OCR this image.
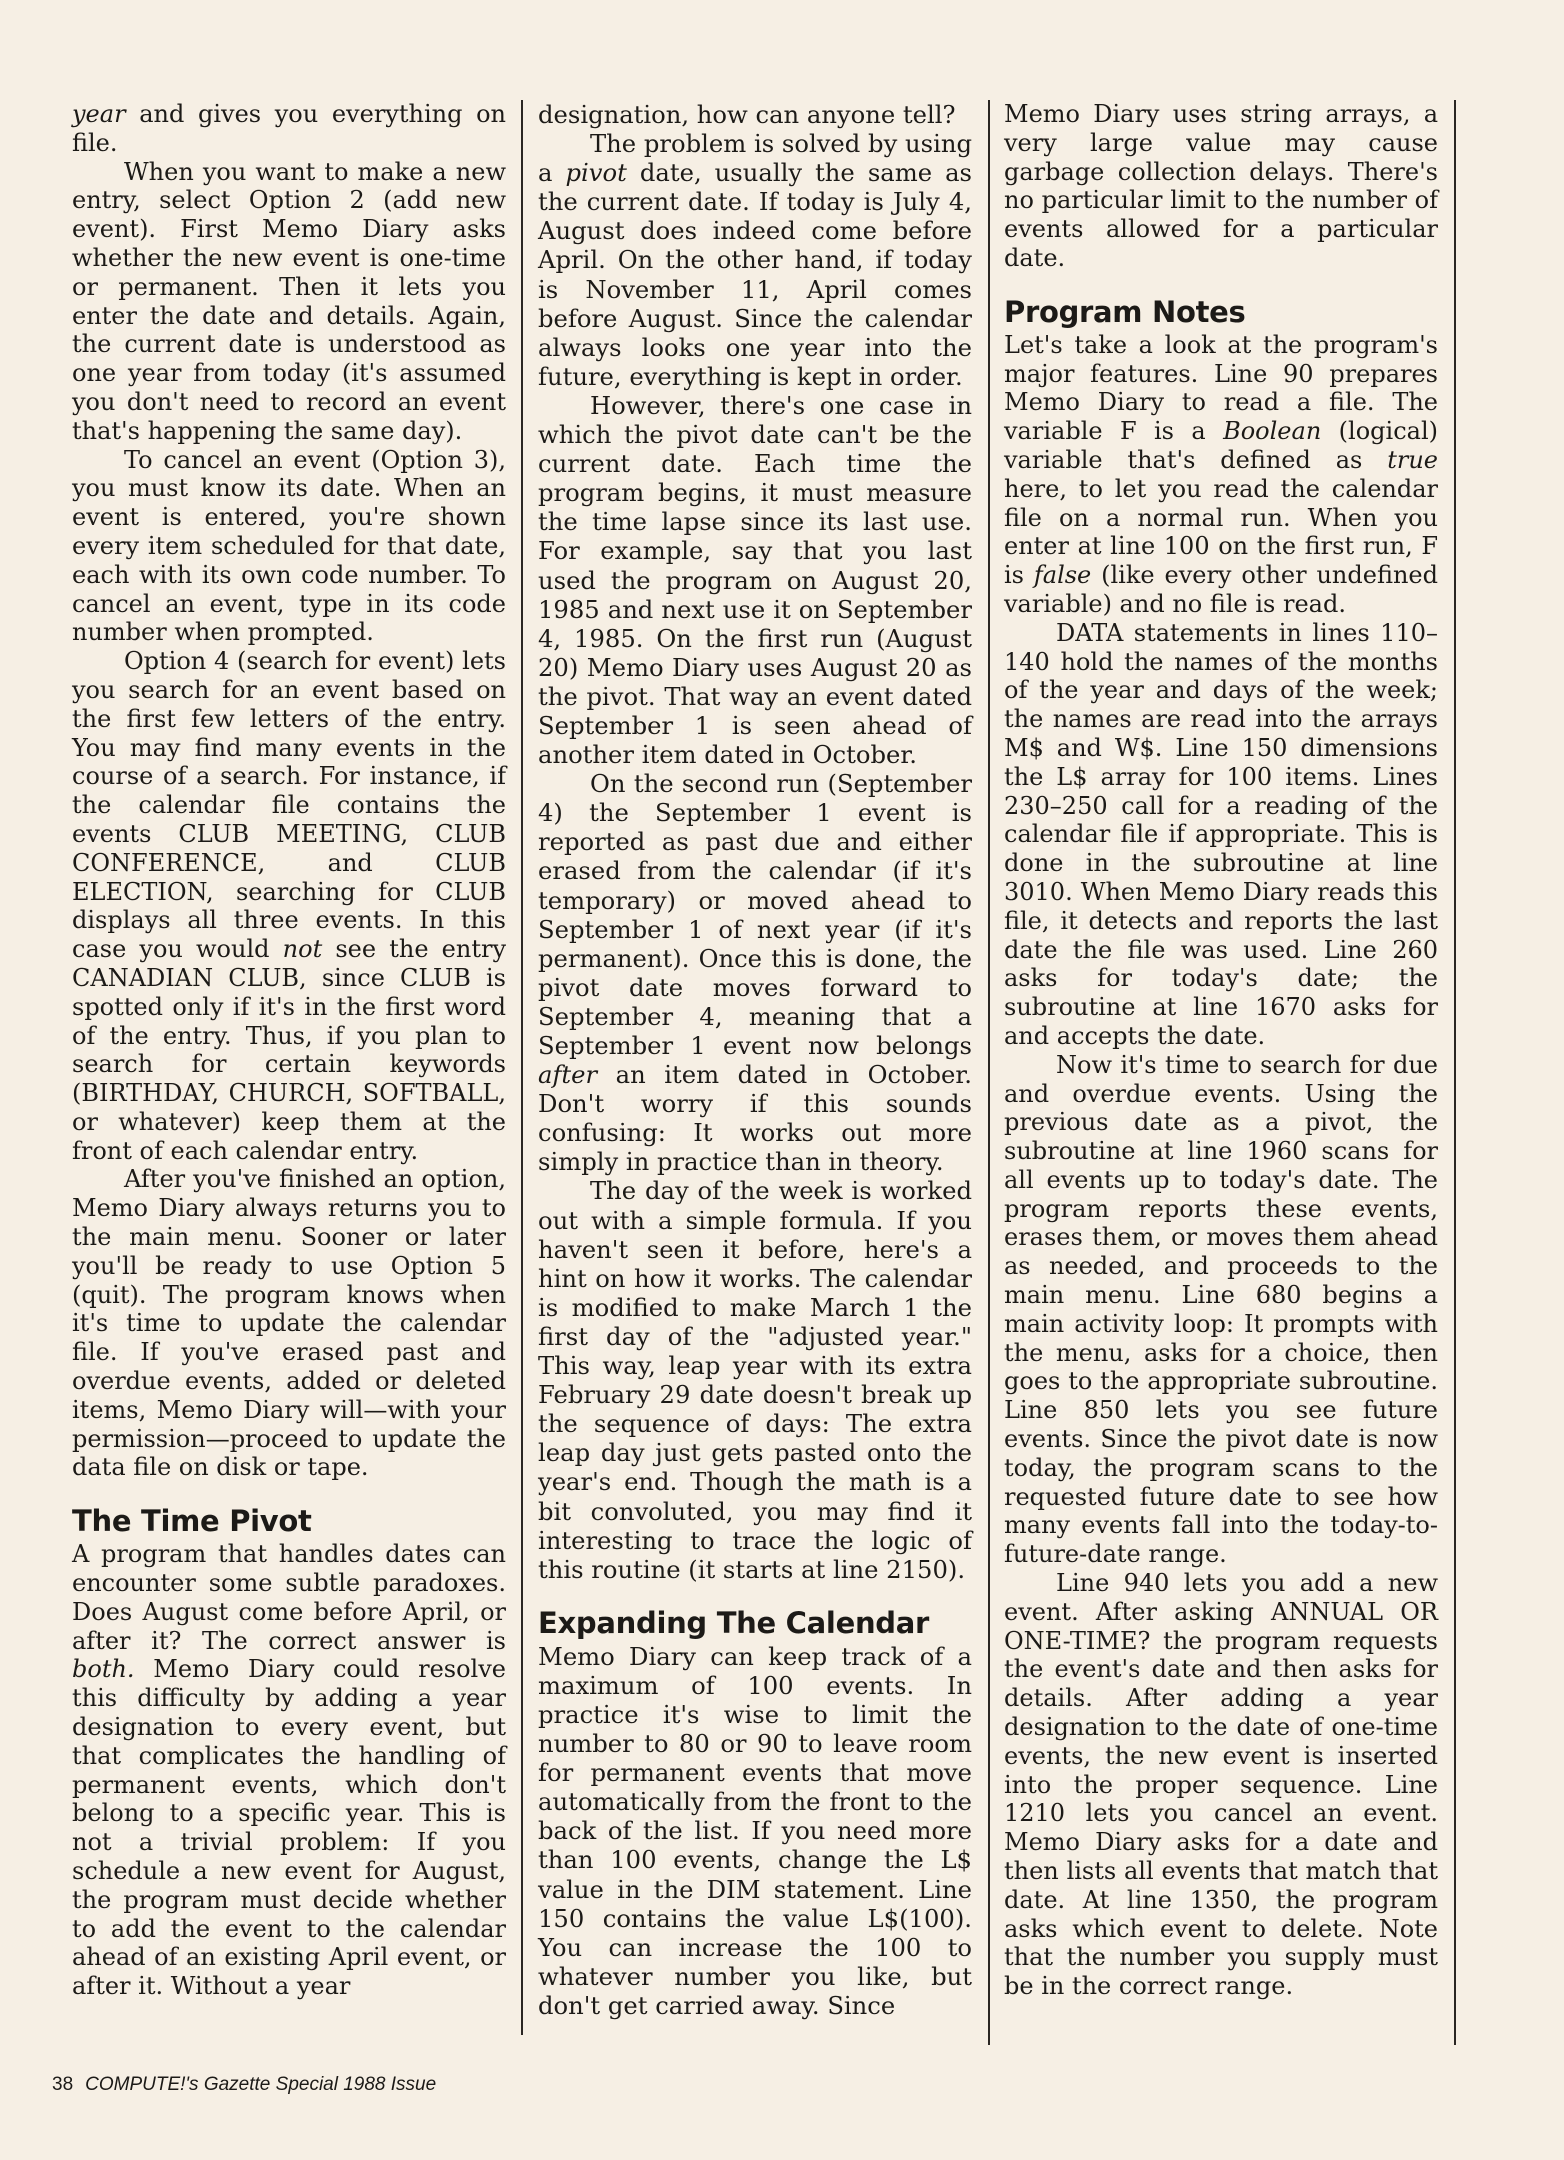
year and gives you everything on file.

When you want to make a new entry, select Option 2 (add new event). First Memo Diary asks whether the new event is one-time or permanent. Then it lets you enter the date and details. Again, the current date is understood as one year from today (it's assumed you don't need to record an event that's happening the same day).

To cancel an event (Option 3), you must know its date. When an event is entered, you're shown every item scheduled for that date, each with its own code number. To cancel an event, type in its code number when prompted.

Option 4 (search for event) lets you search for an event based on the first few letters of the entry. You may find many events in the course of a search. For instance, if the calendar file contains the events CLUB MEETING, CLUB CONFERENCE, and CLUB ELECTION, searching for CLUB displays all three events. In this case you would not see the entry CANADIAN CLUB, since CLUB is spotted only if it's in the first word of the entry. Thus, if you plan to search for certain keywords (BIRTHDAY, CHURCH, SOFTBALL, or whatever) keep them at the front of each calendar entry.

After you've finished an option, Memo Diary always returns you to the main menu. Sooner or later you'll be ready to use Option 5 (quit). The program knows when it's time to update the calendar file. If you've erased past and overdue events, added or deleted items, Memo Diary will—with your permission—proceed to update the data file on disk or tape.

The Time Pivot

A program that handles dates can encounter some subtle paradoxes. Does August come before April, or after it? The correct answer is both. Memo Diary could resolve this difficulty by adding a year designation to every event, but that complicates the handling of permanent events, which don't belong to a specific year. This is not a trivial problem: If you schedule a new event for August, the program must decide whether to add the event to the calendar ahead of an existing April event, or after it. Without a year

designation, how can anyone tell?

The problem is solved by using a pivot date, usually the same as the current date. If today is July 4, August does indeed come before April. On the other hand, if today is November 11, April comes before August. Since the calendar always looks one year into the future, everything is kept in order.

However, there's one case in which the pivot date can't be the current date. Each time the program begins, it must measure the time lapse since its last use. For example, say that you last used the program on August 20, 1985 and next use it on September 4, 1985. On the first run (August 20) Memo Diary uses August 20 as the pivot. That way an event dated September 1 is seen ahead of another item dated in October.

On the second run (September 4) the September 1 event is reported as past due and either erased from the calendar (if it's temporary) or moved ahead to September 1 of next year (if it's permanent). Once this is done, the pivot date moves forward to September 4, meaning that a September 1 event now belongs after an item dated in October. Don't worry if this sounds confusing: It works out more simply in practice than in theory.

The day of the week is worked out with a simple formula. If you haven't seen it before, here's a hint on how it works. The calendar is modified to make March 1 the first day of the "adjusted year." This way, leap year with its extra February 29 date doesn't break up the sequence of days: The extra leap day just gets pasted onto the year's end. Though the math is a bit convoluted, you may find it interesting to trace the logic of this routine (it starts at line 2150).

Expanding The Calendar

Memo Diary can keep track of a maximum of 100 events. In practice it's wise to limit the number to 80 or 90 to leave room for permanent events that move automatically from the front to the back of the list. If you need more than 100 events, change the L$ value in the DIM statement. Line 150 contains the value L$(100). You can increase the 100 to whatever number you like, but don't get carried away. Since

Memo Diary uses string arrays, a very large value may cause garbage collection delays. There's no particular limit to the number of events allowed for a particular date.

Program Notes

Let's take a look at the program's major features. Line 90 prepares Memo Diary to read a file. The variable F is a Boolean (logical) variable that's defined as true here, to let you read the calendar file on a normal run. When you enter at line 100 on the first run, F is false (like every other undefined variable) and no file is read.

DATA statements in lines 110–140 hold the names of the months of the year and days of the week; the names are read into the arrays M$ and W$. Line 150 dimensions the L$ array for 100 items. Lines 230–250 call for a reading of the calendar file if appropriate. This is done in the subroutine at line 3010. When Memo Diary reads this file, it detects and reports the last date the file was used. Line 260 asks for today's date; the subroutine at line 1670 asks for and accepts the date.

Now it's time to search for due and overdue events. Using the previous date as a pivot, the subroutine at line 1960 scans for all events up to today's date. The program reports these events, erases them, or moves them ahead as needed, and proceeds to the main menu. Line 680 begins a main activity loop: It prompts with the menu, asks for a choice, then goes to the appropriate subroutine. Line 850 lets you see future events. Since the pivot date is now today, the program scans to the requested future date to see how many events fall into the today-to-future-date range.

Line 940 lets you add a new event. After asking ANNUAL OR ONE-TIME? the program requests the event's date and then asks for details. After adding a year designation to the date of one-time events, the new event is inserted into the proper sequence. Line 1210 lets you cancel an event. Memo Diary asks for a date and then lists all events that match that date. At line 1350, the program asks which event to delete. Note that the number you supply must be in the correct range.

38 COMPUTE!'s Gazette Special 1988 Issue
